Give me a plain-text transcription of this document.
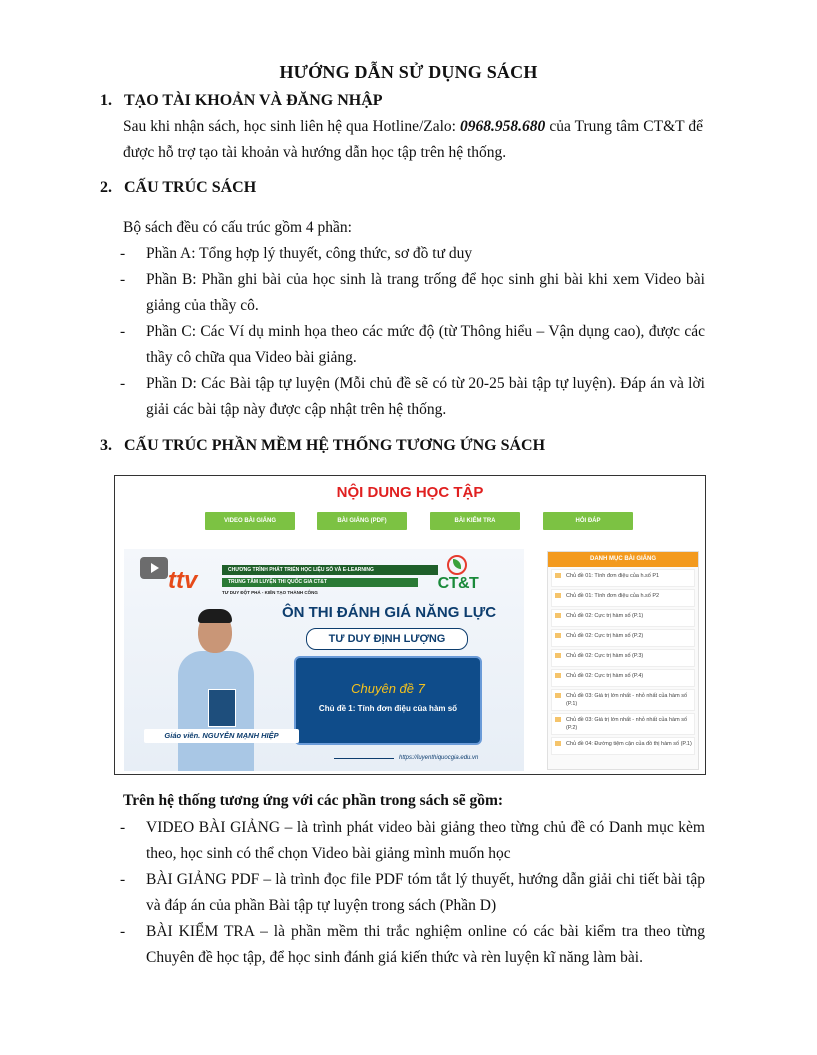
HƯỚNG DẪN SỬ DỤNG SÁCH
1. TẠO TÀI KHOẢN VÀ ĐĂNG NHẬP
Sau khi nhận sách, học sinh liên hệ qua Hotline/Zalo: 0968.958.680 của Trung tâm CT&T để được hỗ trợ tạo tài khoản và hướng dẫn học tập trên hệ thống.
2. CẤU TRÚC SÁCH
Bộ sách đều có cấu trúc gồm 4 phần:
- Phần A: Tổng hợp lý thuyết, công thức, sơ đồ tư duy
- Phần B: Phần ghi bài của học sinh là trang trống để học sinh ghi bài khi xem Video bài giảng của thầy cô.
- Phần C: Các Ví dụ minh họa theo các mức độ (từ Thông hiểu – Vận dụng cao), được các thầy cô chữa qua Video bài giảng.
- Phần D: Các Bài tập tự luyện (Mỗi chủ đề sẽ có từ 20-25 bài tập tự luyện). Đáp án và lời giải các bài tập này được cập nhật trên hệ thống.
3. CẤU TRÚC PHẦN MỀM HỆ THỐNG TƯƠNG ỨNG SÁCH
NỘI DUNG HỌC TẬP
VIDEO BÀI GIẢNG	BÀI GIẢNG (PDF)	BÀI KIỂM TRA	HỎI ĐÁP
ttv	CHƯƠNG TRÌNH PHÁT TRIỂN HỌC LIỆU SỐ VÀ E-LEARNING
TRUNG TÂM LUYỆN THI QUỐC GIA CT&T
TƯ DUY ĐỘT PHÁ - KIẾN TẠO THÀNH CÔNG
CT&T
ÔN THI ĐÁNH GIÁ NĂNG LỰC
TƯ DUY ĐỊNH LƯỢNG
Chuyên đề 7
Chủ đề 1: Tính đơn điệu của hàm số
Giáo viên. NGUYỄN MẠNH HIỆP
https://luyenthiquocgia.edu.vn
DANH MỤC BÀI GIẢNG
Chủ đề 01: Tính đơn điệu của h.số P1
Chủ đề 01: Tính đơn điệu của h.số P2
Chủ đề 02: Cực trị hàm số (P.1)
Chủ đề 02: Cực trị hàm số (P.2)
Chủ đề 02: Cực trị hàm số (P.3)
Chủ đề 02: Cực trị hàm số (P.4)
Chủ đề 03: Giá trị lớn nhất - nhỏ nhất của hàm số (P.1)
Chủ đề 03: Giá trị lớn nhất - nhỏ nhất của hàm số (P.2)
Chủ đề 04: Đường tiệm cận của đồ thị hàm số (P.1)
Trên hệ thống tương ứng với các phần trong sách sẽ gồm:
- VIDEO BÀI GIẢNG – là trình phát video bài giảng theo từng chủ đề có Danh mục kèm theo, học sinh có thể chọn Video bài giảng mình muốn học
- BÀI GIẢNG PDF – là trình đọc file PDF tóm tắt lý thuyết, hướng dẫn giải chi tiết bài tập và đáp án của phần Bài tập tự luyện trong sách (Phần D)
- BÀI KIỂM TRA – là phần mềm thi trắc nghiệm online có các bài kiểm tra theo từng Chuyên đề học tập, để học sinh đánh giá kiến thức và rèn luyện kĩ năng làm bài.
